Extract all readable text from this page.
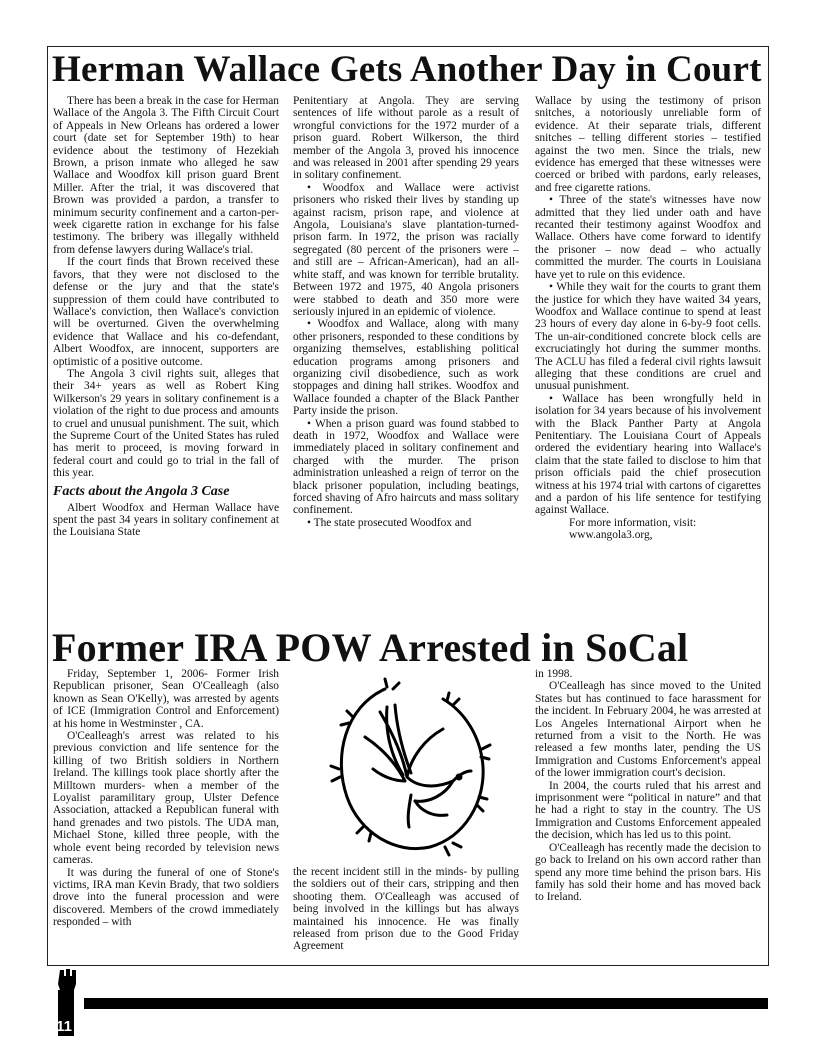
Herman Wallace Gets Another Day in Court

There has been a break in the case for Herman Wallace of the Angola 3. The Fifth Circuit Court of Appeals in New Orleans has ordered a lower court (date set for September 19th) to hear evidence about the testimony of Hezekiah Brown, a prison inmate who alleged he saw Wallace and Woodfox kill prison guard Brent Miller. After the trial, it was discovered that Brown was provided a pardon, a transfer to minimum security confinement and a carton-per-week cigarette ration in exchange for his false testimony. The bribery was illegally withheld from defense lawyers during Wallace's trial.

If the court finds that Brown received these favors, that they were not disclosed to the defense or the jury and that the state's suppression of them could have contributed to Wallace's conviction, then Wallace's conviction will be overturned. Given the overwhelming evidence that Wallace and his co-defendant, Albert Woodfox, are innocent, supporters are optimistic of a positive outcome.

The Angola 3 civil rights suit, alleges that their 34+ years as well as Robert King Wilkerson's 29 years in solitary confinement is a violation of the right to due process and amounts to cruel and unusual punishment. The suit, which the Supreme Court of the United States has ruled has merit to proceed, is moving forward in federal court and could go to trial in the fall of this year.

Facts about the Angola 3 Case

Albert Woodfox and Herman Wallace have spent the past 34 years in solitary confinement at the Louisiana State

Penitentiary at Angola. They are serving sentences of life without parole as a result of wrongful convictions for the 1972 murder of a prison guard. Robert Wilkerson, the third member of the Angola 3, proved his innocence and was released in 2001 after spending 29 years in solitary confinement.

• Woodfox and Wallace were activist prisoners who risked their lives by standing up against racism, prison rape, and violence at Angola, Louisiana's slave plantation-turned-prison farm. In 1972, the prison was racially segregated (80 percent of the prisoners were – and still are – African-American), had an all-white staff, and was known for terrible brutality. Between 1972 and 1975, 40 Angola prisoners were stabbed to death and 350 more were seriously injured in an epidemic of violence.

• Woodfox and Wallace, along with many other prisoners, responded to these conditions by organizing themselves, establishing political education programs among prisoners and organizing civil disobedience, such as work stoppages and dining hall strikes. Woodfox and Wallace founded a chapter of the Black Panther Party inside the prison.

• When a prison guard was found stabbed to death in 1972, Woodfox and Wallace were immediately placed in solitary confinement and charged with the murder. The prison administration unleashed a reign of terror on the black prisoner population, including beatings, forced shaving of Afro haircuts and mass solitary confinement.

• The state prosecuted Woodfox and

Wallace by using the testimony of prison snitches, a notoriously unreliable form of evidence. At their separate trials, different snitches – telling different stories – testified against the two men. Since the trials, new evidence has emerged that these witnesses were coerced or bribed with pardons, early releases, and free cigarette rations.

• Three of the state's witnesses have now admitted that they lied under oath and have recanted their testimony against Woodfox and Wallace. Others have come forward to identify the prisoner – now dead – who actually committed the murder. The courts in Louisiana have yet to rule on this evidence.

• While they wait for the courts to grant them the justice for which they have waited 34 years, Woodfox and Wallace continue to spend at least 23 hours of every day alone in 6-by-9 foot cells. The un-air-conditioned concrete block cells are excruciatingly hot during the summer months. The ACLU has filed a federal civil rights lawsuit alleging that these conditions are cruel and unusual punishment.

• Wallace has been wrongfully held in isolation for 34 years because of his involvement with the Black Panther Party at Angola Penitentiary. The Louisiana Court of Appeals ordered the evidentiary hearing into Wallace's claim that the state failed to disclose to him that prison officials paid the chief prosecution witness at his 1974 trial with cartons of cigarettes and a pardon of his life sentence for testifying against Wallace.

For more information, visit:

www.angola3.org,

Former IRA POW Arrested in SoCal

Friday, September 1, 2006- Former Irish Republican prisoner, Sean O'Cealleagh (also known as Sean O'Kelly), was arrested by agents of ICE (Immigration Control and Enforcement) at his home in Westminster , CA.

O'Cealleagh's arrest was related to his previous conviction and life sentence for the killing of two British soldiers in Northern Ireland. The killings took place shortly after the Milltown murders- when a member of the Loyalist paramilitary group, Ulster Defence Association, attacked a Republican funeral with hand grenades and two pistols. The UDA man, Michael Stone, killed three people, with the whole event being recorded by television news cameras.

It was during the funeral of one of Stone's victims, IRA man Kevin Brady, that two soldiers drove into the funeral procession and were discovered. Members of the crowd immediately responded – with

the recent incident still in the minds- by pulling the soldiers out of their cars, stripping and then shooting them. O'Cealleagh was accused of being involved in the killings but has always maintained his innocence. He was finally released from prison due to the Good Friday Agreement

in 1998.

O'Cealleagh has since moved to the United States but has continued to face harassment for the incident. In February 2004, he was arrested at Los Angeles International Airport when he returned from a visit to the North. He was released a few months later, pending the US Immigration and Customs Enforcement's appeal of the lower immigration court's decision.

In 2004, the courts ruled that his arrest and imprisonment were “political in nature” and that he had a right to stay in the country. The US Immigration and Customs Enforcement appealed the decision, which has led us to this point.

O'Cealleagh has recently made the decision to go back to Ireland on his own accord rather than spend any more time behind the prison bars. His family has sold their home and has moved back to Ireland.

11
